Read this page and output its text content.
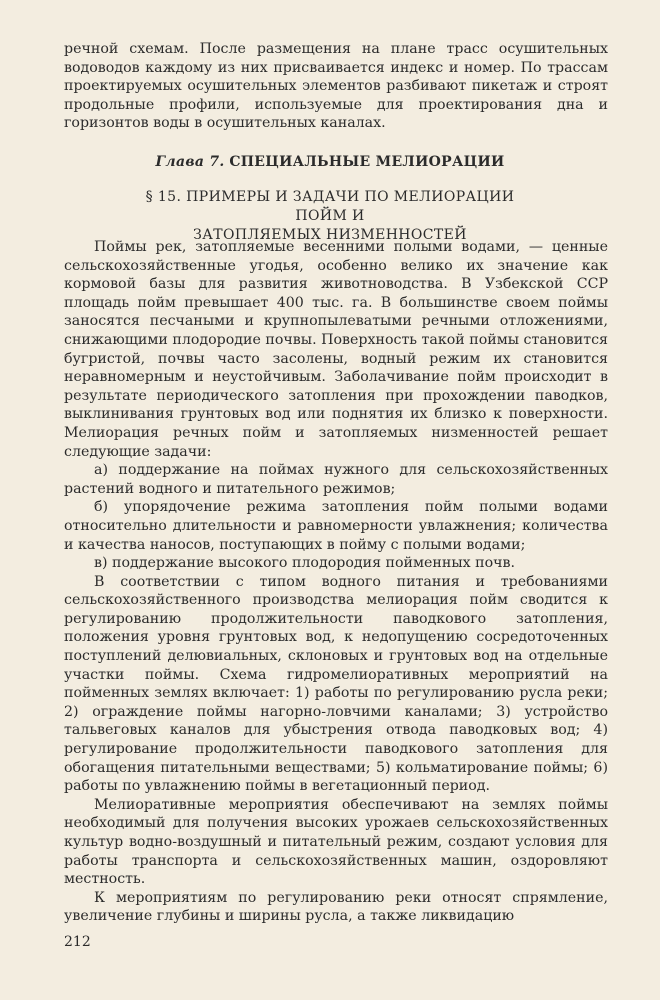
речной схемам. После размещения на плане трасс осушительных водоводов каждому из них присваивается индекс и номер. По трассам проектируемых осушительных элементов разбивают пикетаж и строят продольные профили, используемые для проектирования дна и горизонтов воды в осушительных каналах.

Глава 7. СПЕЦИАЛЬНЫЕ МЕЛИОРАЦИИ
§ 15. ПРИМЕРЫ И ЗАДАЧИ ПО МЕЛИОРАЦИИ ПОЙМ И
ЗАТОПЛЯЕМЫХ НИЗМЕННОСТЕЙ

Поймы рек, затопляемые весенними полыми водами, — ценные сельскохозяйственные угодья, особенно велико их значение как кормовой базы для развития животноводства. В Узбекской ССР площадь пойм превышает 400 тыс. га. В большинстве своем поймы заносятся песчаными и крупнопылеватыми речными отложениями, снижающими плодородие почвы. Поверхность такой поймы становится бугристой, почвы часто засолены, водный режим их становится неравномерным и неустойчивым. Заболачивание пойм происходит в результате периодического затопления при прохождении паводков, выклинивания грунтовых вод или поднятия их близко к поверхности. Мелиорация речных пойм и затопляемых низменностей решает следующие задачи:

а) поддержание на поймах нужного для сельскохозяйственных растений водного и питательного режимов;

б) упорядочение режима затопления пойм полыми водами относительно длительности и равномерности увлажнения; количества и качества наносов, поступающих в пойму с полыми водами;

в) поддержание высокого плодородия пойменных почв.

В соответствии с типом водного питания и требованиями сельскохозяйственного производства мелиорация пойм сводится к регулированию продолжительности паводкового затопления, положения уровня грунтовых вод, к недопущению сосредоточенных поступлений делювиальных, склоновых и грунтовых вод на отдельные участки поймы. Схема гидромелиоративных мероприятий на пойменных землях включает: 1) работы по регулированию русла реки; 2) ограждение поймы нагорно-ловчими каналами; 3) устройство тальвеговых каналов для убыстрения отвода паводковых вод; 4) регулирование продолжительности паводкового затопления для обогащения питательными веществами; 5) кольматирование поймы; 6) работы по увлажнению поймы в вегетационный период.

Мелиоративные мероприятия обеспечивают на землях поймы необходимый для получения высоких урожаев сельскохозяйственных культур водно-воздушный и питательный режим, создают условия для работы транспорта и сельскохозяйственных машин, оздоровляют местность.

К мероприятиям по регулированию реки относят спрямление, увеличение глубины и ширины русла, а также ликвидацию

212
